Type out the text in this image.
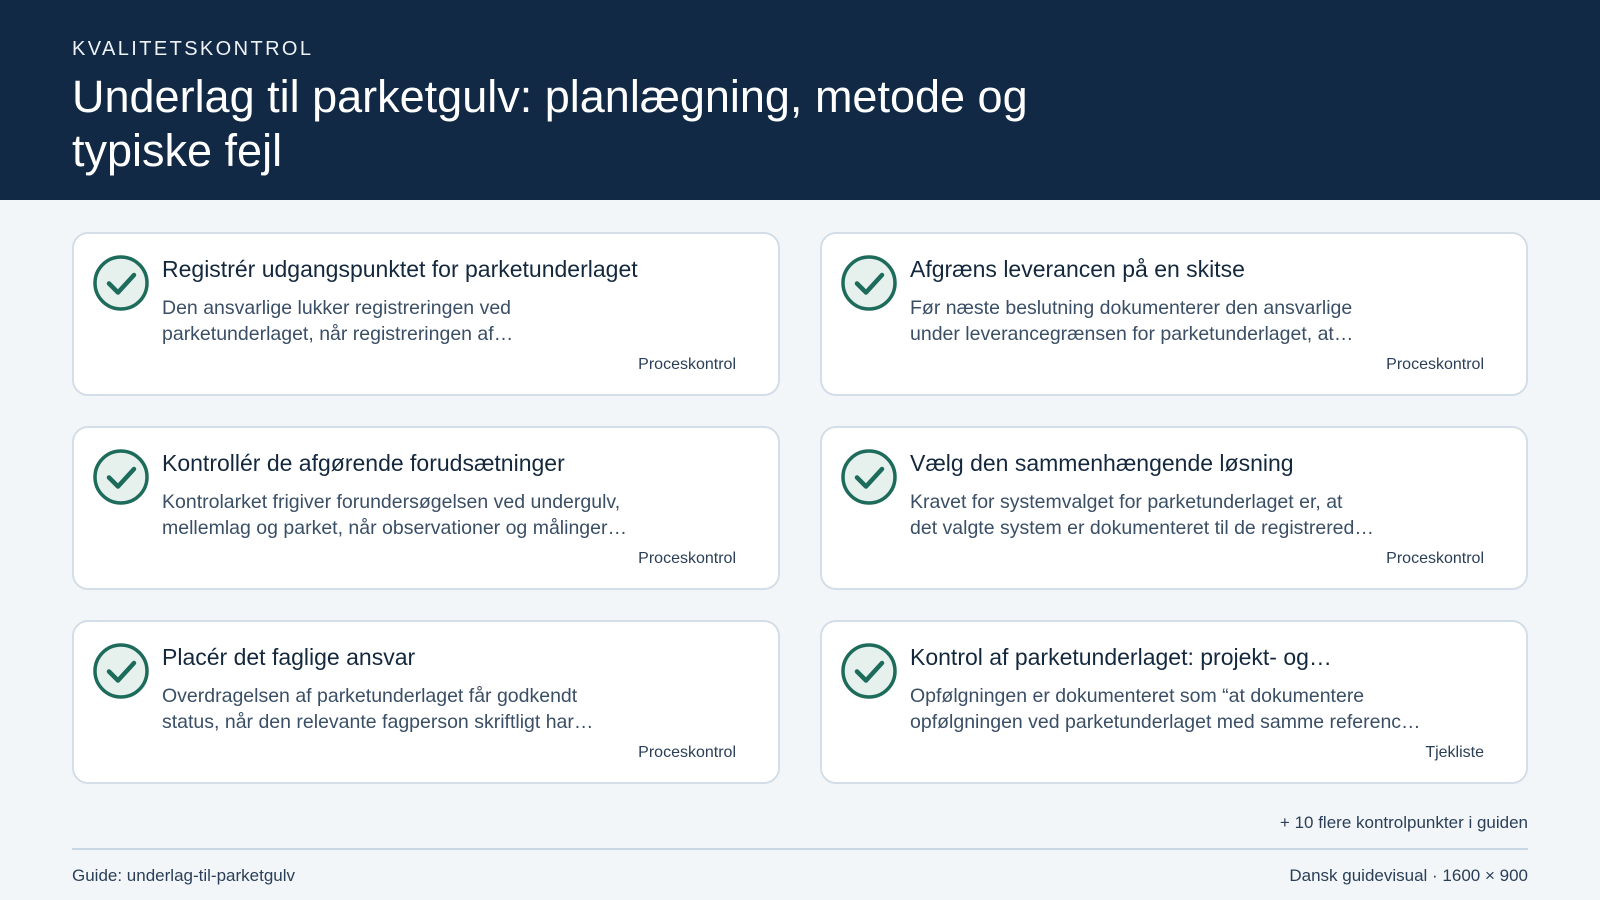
KVALITETSKONTROL
Underlag til parketgulv: planlægning, metode og typiske fejl
Registrér udgangspunktet for parketunderlaget
Den ansvarlige lukker registreringen ved
parketunderlaget, når registreringen af…
Proceskontrol
Afgræns leverancen på en skitse
Før næste beslutning dokumenterer den ansvarlige
under leverancegrænsen for parketunderlaget, at…
Proceskontrol
Kontrollér de afgørende forudsætninger
Kontrolarket frigiver forundersøgelsen ved undergulv,
mellemlag og parket, når observationer og målinger…
Proceskontrol
Vælg den sammenhængende løsning
Kravet for systemvalget for parketunderlaget er, at
det valgte system er dokumenteret til de registrered…
Proceskontrol
Placér det faglige ansvar
Overdragelsen af parketunderlaget får godkendt
status, når den relevante fagperson skriftligt har…
Proceskontrol
Kontrol af parketunderlaget: projekt- og…
Opfølgningen er dokumenteret som “at dokumentere
opfølgningen ved parketunderlaget med samme referenc…
Tjekliste
+ 10 flere kontrolpunkter i guiden
Guide: underlag-til-parketgulv	Dansk guidevisual · 1600 × 900
